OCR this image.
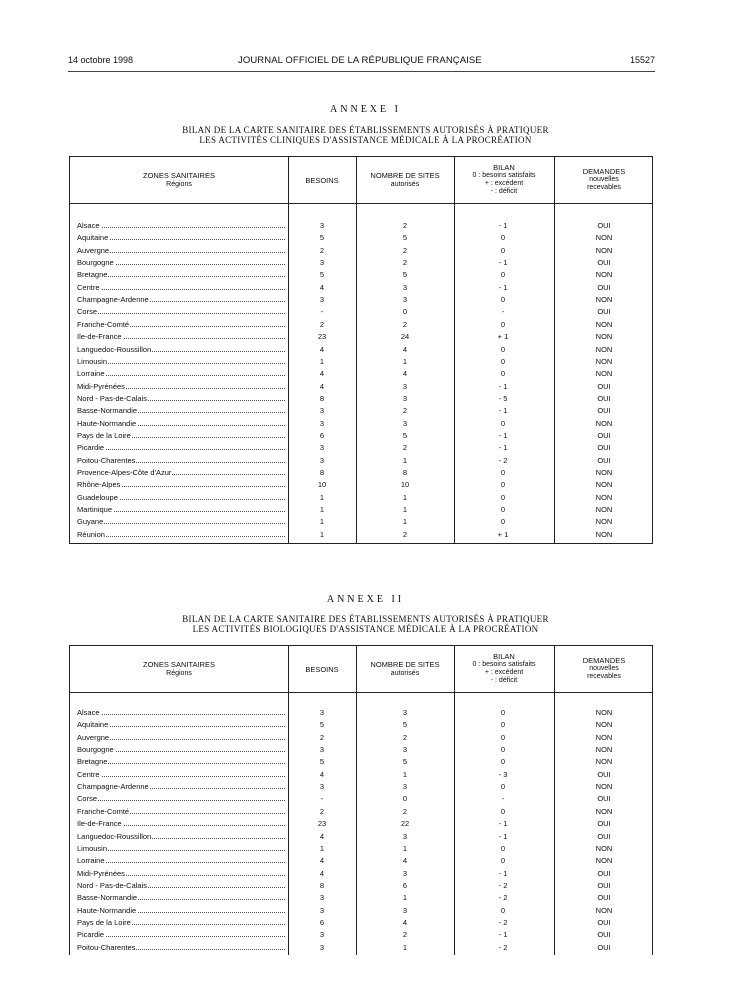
14 octobre 1998	JOURNAL OFFICIEL DE LA RÉPUBLIQUE FRANÇAISE	15527
ANNEXE I
BILAN DE LA CARTE SANITAIRE DES ÉTABLISSEMENTS AUTORISÉS À PRATIQUER
LES ACTIVITÉS CLINIQUES D'ASSISTANCE MÉDICALE À LA PROCRÉATION
ZONES SANITAIRES
Régions	BESOINS	NOMBRE DE SITES
autorisés
BILAN
0 : besoins satisfaits
+ : excédent
- : déficit
DEMANDES
nouvelles
recevables
Alsace	3	2	- 1	OUI
Aquitaine	5	5	0	NON
Auvergne	2	2	0	NON
Bourgogne	3	2	- 1	OUI
Bretagne	5	5	0	NON
Centre	4	3	- 1	OUI
Champagne-Ardenne	3	3	0	NON
Corse	-	0	-	OUI
Franche-Comté	2	2	0	NON
Ile-de-France	23	24	+ 1	NON
Languedoc-Roussillon	4	4	0	NON
Limousin	1	1	0	NON
Lorraine	4	4	0	NON
Midi-Pyrénées	4	3	- 1	OUI
Nord - Pas-de-Calais	8	3	- 5	OUI
Basse-Normandie	3	2	- 1	OUI
Haute-Normandie	3	3	0	NON
Pays de la Loire	6	5	- 1	OUI
Picardie	3	2	- 1	OUI
Poitou-Charentes	3	1	- 2	OUI
Provence-Alpes-Côte d'Azur	8	8	0	NON
Rhône-Alpes	10	10	0	NON
Guadeloupe	1	1	0	NON
Martinique	1	1	0	NON
Guyane	1	1	0	NON
Réunion	1	2	+ 1	NON
ANNEXE II
BILAN DE LA CARTE SANITAIRE DES ÉTABLISSEMENTS AUTORISÉS À PRATIQUER
LES ACTIVITÉS BIOLOGIQUES D'ASSISTANCE MÉDICALE À LA PROCRÉATION
ZONES SANITAIRES
Régions	BESOINS	NOMBRE DE SITES
autorisés
BILAN
0 : besoins satisfaits
+ : excédent
- : déficit
DEMANDES
nouvelles
recevables
Alsace	3	3	0	NON
Aquitaine	5	5	0	NON
Auvergne	2	2	0	NON
Bourgogne	3	3	0	NON
Bretagne	5	5	0	NON
Centre	4	1	- 3	OUI
Champagne-Ardenne	3	3	0	NON
Corse	-	0	-	OUI
Franche-Comté	2	2	0	NON
Ile-de-France	23	22	- 1	OUI
Languedoc-Roussillon	4	3	- 1	OUI
Limousin	1	1	0	NON
Lorraine	4	4	0	NON
Midi-Pyrénées	4	3	- 1	OUI
Nord - Pas-de-Calais	8	6	- 2	OUI
Basse-Normandie	3	1	- 2	OUI
Haute-Normandie	3	3	0	NON
Pays de la Loire	6	4	- 2	OUI
Picardie	3	2	- 1	OUI
Poitou-Charentes	3	1	- 2	OUI
